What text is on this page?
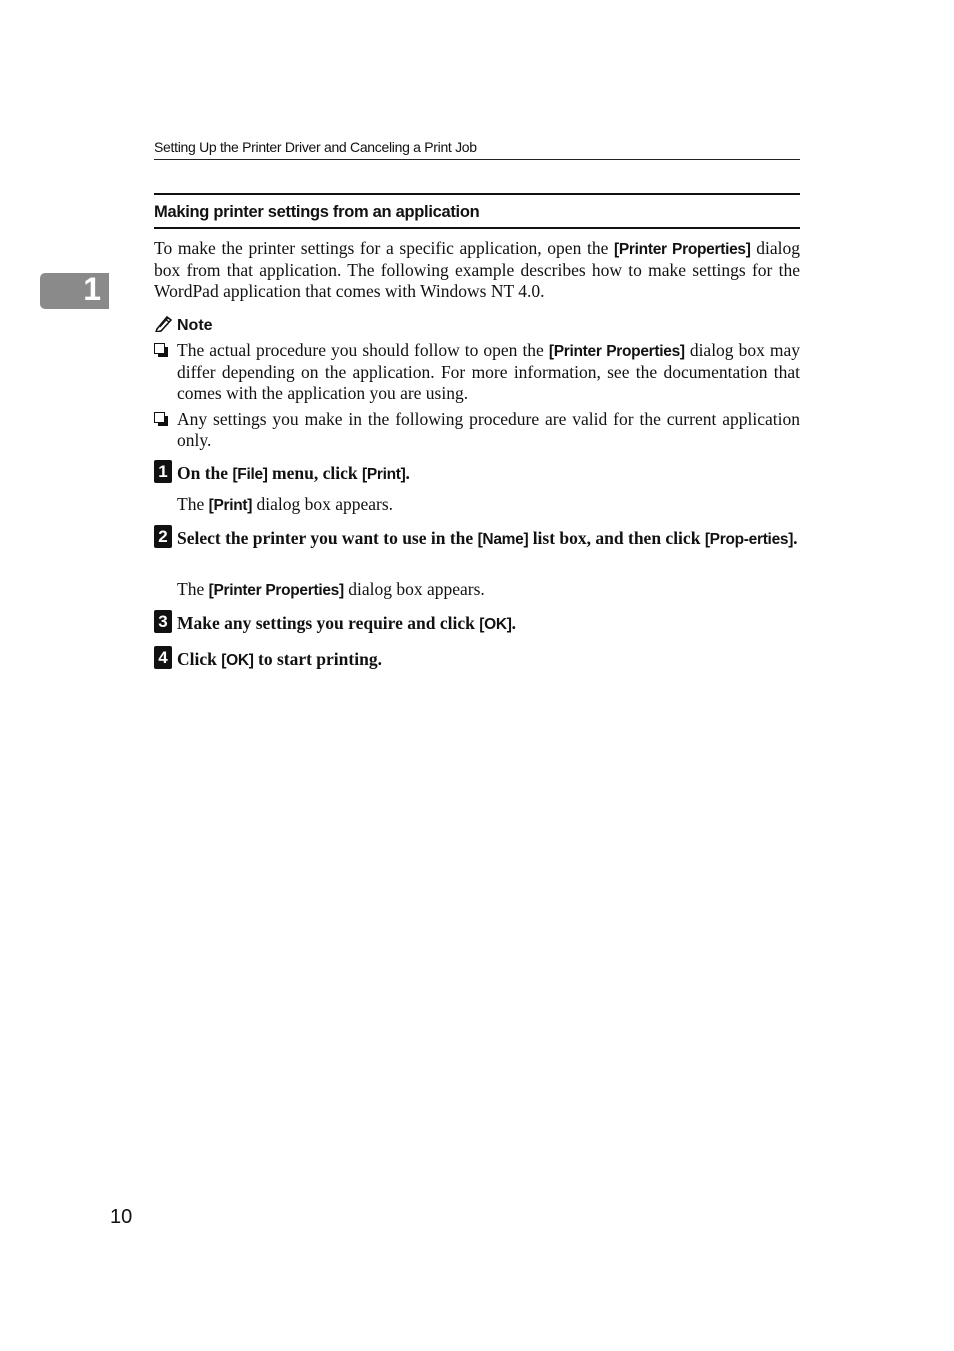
Setting Up the Printer Driver and Canceling a Print Job
1
Making printer settings from an application
To make the printer settings for a specific application, open the [Printer Properties] dialog box from that application. The following example describes how to make settings for the WordPad application that comes with Windows NT 4.0.
Note
The actual procedure you should follow to open the [Printer Properties] dialog box may differ depending on the application. For more information, see the documentation that comes with the application you are using.
Any settings you make in the following procedure are valid for the current application only.
1 On the [File] menu, click [Print].
The [Print] dialog box appears.
2 Select the printer you want to use in the [Name] list box, and then click [Prop-erties].
The [Printer Properties] dialog box appears.
3 Make any settings you require and click [OK].
4 Click [OK] to start printing.
10
